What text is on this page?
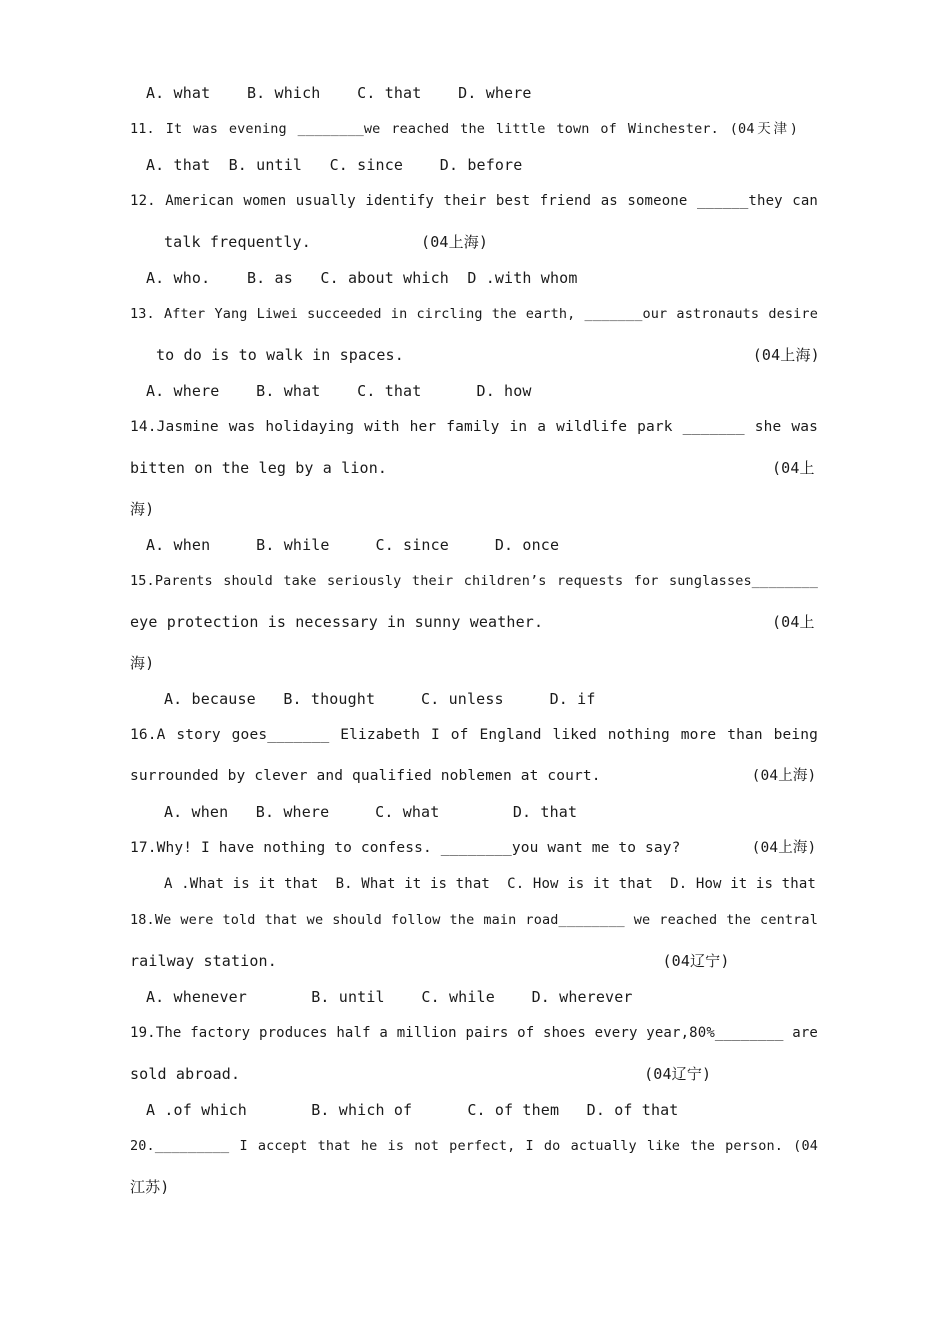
A. what    B. which    C. that    D. where
11. It was evening ________we reached the little town of Winchester. (04天津)
A. that  B. until   C. since    D. before
12. American women usually identify their best friend as someone ______they can
talk frequently.            (04上海)
A. who.    B. as   C. about which  D .with whom
13. After Yang Liwei succeeded in circling the earth, _______our astronauts desire
to do is to walk in spaces.                                      (04上海)
A. where    B. what    C. that      D. how
14.Jasmine was holidaying with her family in a wildlife park _______ she was
bitten on the leg by a lion.	(04上
海)
A. when     B. while     C. since     D. once
15.Parents should take seriously their children’s requests for sunglasses________
eye protection is necessary in sunny weather.	(04上
海)
A. because   B. thought     C. unless     D. if
16.A story goes_______ Elizabeth I of England liked nothing more than being
surrounded by clever and qualified noblemen at court.                 (04上海)
A. when   B. where     C. what        D. that
17.Why! I have nothing to confess. ________you want me to say?        (04上海)
A .What is it that  B. What it is that  C. How is it that  D. How it is that
18.We were told that we should follow the main road________ we reached the central
railway station.                                          (04辽宁)
A. whenever       B. until    C. while    D. wherever
19.The factory produces half a million pairs of shoes every year,80%________ are
sold abroad.                                            (04辽宁)
A .of which       B. which of      C. of them   D. of that
20._________ I accept that he is not perfect, I do actually like the person. (04
江苏)
